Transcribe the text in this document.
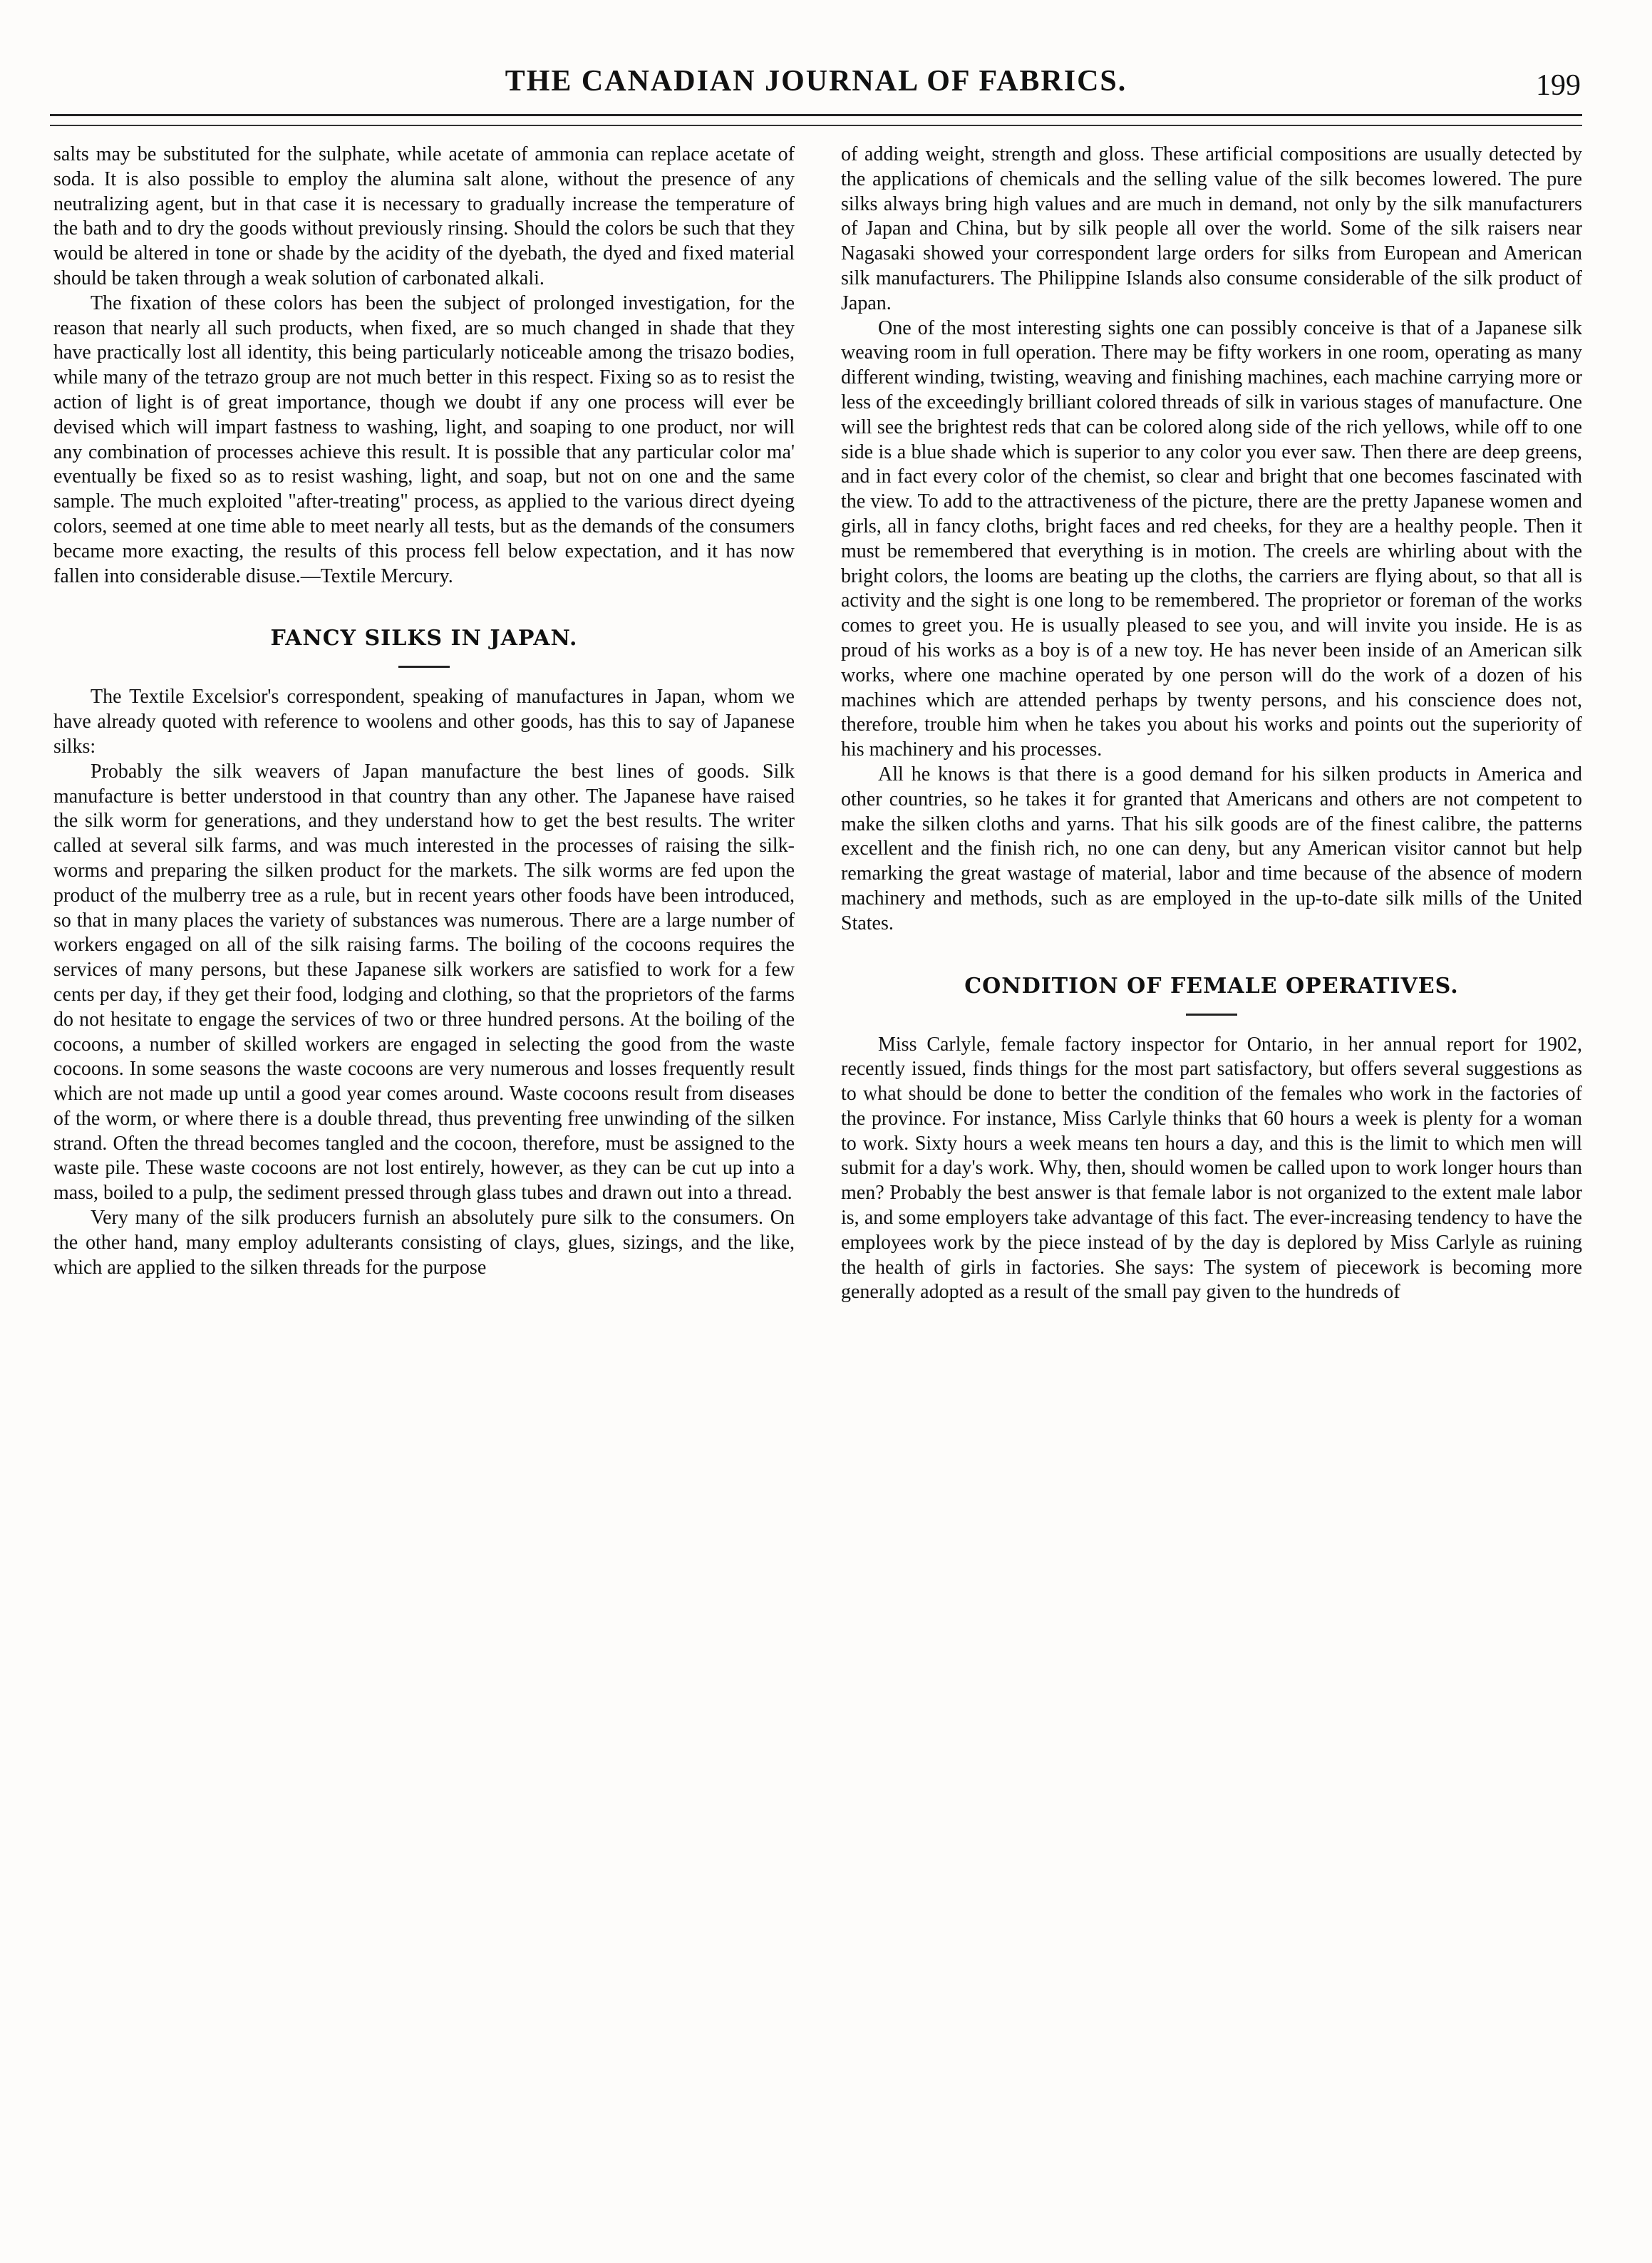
THE CANADIAN JOURNAL OF FABRICS.	199

salts may be substituted for the sulphate, while acetate of ammonia can replace acetate of soda. It is also possible to employ the alumina salt alone, without the presence of any neutralizing agent, but in that case it is necessary to gradually increase the temperature of the bath and to dry the goods without previously rinsing. Should the colors be such that they would be altered in tone or shade by the acidity of the dyebath, the dyed and fixed material should be taken through a weak solution of carbonated alkali.

The fixation of these colors has been the subject of prolonged investigation, for the reason that nearly all such products, when fixed, are so much changed in shade that they have practically lost all identity, this being particularly noticeable among the trisazo bodies, while many of the tetrazo group are not much better in this respect. Fixing so as to resist the action of light is of great importance, though we doubt if any one process will ever be devised which will impart fastness to washing, light, and soaping to one product, nor will any combination of processes achieve this result. It is possible that any particular color ma' eventually be fixed so as to resist washing, light, and soap, but not on one and the same sample. The much exploited "after-treating" process, as applied to the various direct dyeing colors, seemed at one time able to meet nearly all tests, but as the demands of the consumers became more exacting, the results of this process fell below expectation, and it has now fallen into considerable disuse.—Textile Mercury.

FANCY SILKS IN JAPAN.

The Textile Excelsior's correspondent, speaking of manufactures in Japan, whom we have already quoted with reference to woolens and other goods, has this to say of Japanese silks:

Probably the silk weavers of Japan manufacture the best lines of goods. Silk manufacture is better understood in that country than any other. The Japanese have raised the silk worm for generations, and they understand how to get the best results. The writer called at several silk farms, and was much interested in the processes of raising the silk-worms and preparing the silken product for the markets. The silk worms are fed upon the product of the mulberry tree as a rule, but in recent years other foods have been introduced, so that in many places the variety of substances was numerous. There are a large number of workers engaged on all of the silk raising farms. The boiling of the cocoons requires the services of many persons, but these Japanese silk workers are satisfied to work for a few cents per day, if they get their food, lodging and clothing, so that the proprietors of the farms do not hesitate to engage the services of two or three hundred persons. At the boiling of the cocoons, a number of skilled workers are engaged in selecting the good from the waste cocoons. In some seasons the waste cocoons are very numerous and losses frequently result which are not made up until a good year comes around. Waste cocoons result from diseases of the worm, or where there is a double thread, thus preventing free unwinding of the silken strand. Often the thread becomes tangled and the cocoon, therefore, must be assigned to the waste pile. These waste cocoons are not lost entirely, however, as they can be cut up into a mass, boiled to a pulp, the sediment pressed through glass tubes and drawn out into a thread.

Very many of the silk producers furnish an absolutely pure silk to the consumers. On the other hand, many employ adulterants consisting of clays, glues, sizings, and the like, which are applied to the silken threads for the purpose

of adding weight, strength and gloss. These artificial compositions are usually detected by the applications of chemicals and the selling value of the silk becomes lowered. The pure silks always bring high values and are much in demand, not only by the silk manufacturers of Japan and China, but by silk people all over the world. Some of the silk raisers near Nagasaki showed your correspondent large orders for silks from European and American silk manufacturers. The Philippine Islands also consume considerable of the silk product of Japan.

One of the most interesting sights one can possibly conceive is that of a Japanese silk weaving room in full operation. There may be fifty workers in one room, operating as many different winding, twisting, weaving and finishing machines, each machine carrying more or less of the exceedingly brilliant colored threads of silk in various stages of manufacture. One will see the brightest reds that can be colored along side of the rich yellows, while off to one side is a blue shade which is superior to any color you ever saw. Then there are deep greens, and in fact every color of the chemist, so clear and bright that one becomes fascinated with the view. To add to the attractiveness of the picture, there are the pretty Japanese women and girls, all in fancy cloths, bright faces and red cheeks, for they are a healthy people. Then it must be remembered that everything is in motion. The creels are whirling about with the bright colors, the looms are beating up the cloths, the carriers are flying about, so that all is activity and the sight is one long to be remembered. The proprietor or foreman of the works comes to greet you. He is usually pleased to see you, and will invite you inside. He is as proud of his works as a boy is of a new toy. He has never been inside of an American silk works, where one machine operated by one person will do the work of a dozen of his machines which are attended perhaps by twenty persons, and his conscience does not, therefore, trouble him when he takes you about his works and points out the superiority of his machinery and his processes.

All he knows is that there is a good demand for his silken products in America and other countries, so he takes it for granted that Americans and others are not competent to make the silken cloths and yarns. That his silk goods are of the finest calibre, the patterns excellent and the finish rich, no one can deny, but any American visitor cannot but help remarking the great wastage of material, labor and time because of the absence of modern machinery and methods, such as are employed in the up-to-date silk mills of the United States.

CONDITION OF FEMALE OPERATIVES.

Miss Carlyle, female factory inspector for Ontario, in her annual report for 1902, recently issued, finds things for the most part satisfactory, but offers several suggestions as to what should be done to better the condition of the females who work in the factories of the province. For instance, Miss Carlyle thinks that 60 hours a week is plenty for a woman to work. Sixty hours a week means ten hours a day, and this is the limit to which men will submit for a day's work. Why, then, should women be called upon to work longer hours than men? Probably the best answer is that female labor is not organized to the extent male labor is, and some employers take advantage of this fact. The ever-increasing tendency to have the employees work by the piece instead of by the day is deplored by Miss Carlyle as ruining the health of girls in factories. She says: The system of piecework is becoming more generally adopted as a result of the small pay given to the hundreds of
